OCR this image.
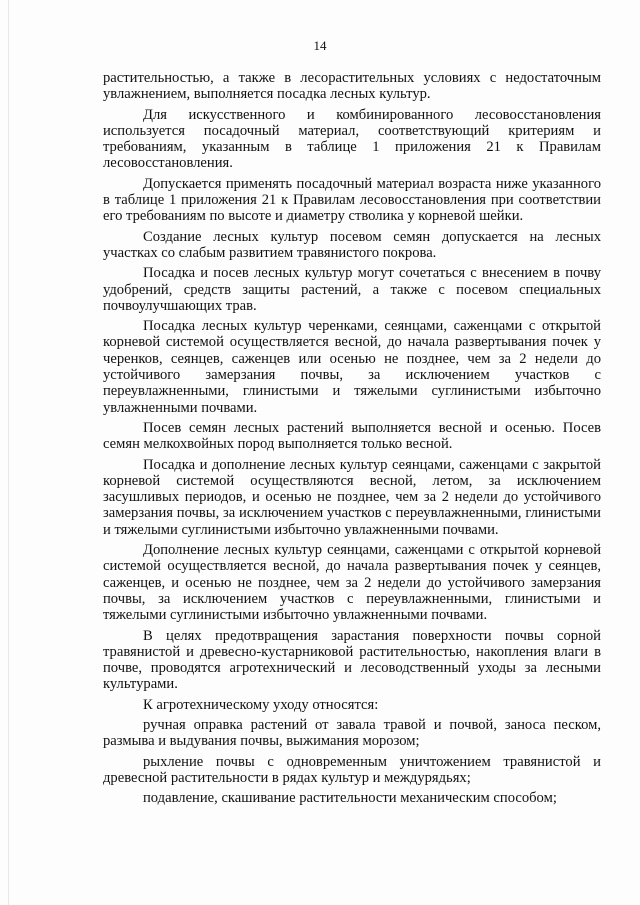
14

растительностью, а также в лесорастительных условиях с недостаточным увлажнением, выполняется посадка лесных культур.

Для искусственного и комбинированного лесовосстановления используется посадочный материал, соответствующий критериям и требованиям, указанным в таблице 1 приложения 21 к Правилам лесовосстановления.

Допускается применять посадочный материал возраста ниже указанного в таблице 1 приложения 21 к Правилам лесовосстановления при соответствии его требованиям по высоте и диаметру стволика у корневой шейки.

Создание лесных культур посевом семян допускается на лесных участках со слабым развитием травянистого покрова.

Посадка и посев лесных культур могут сочетаться с внесением в почву удобрений, средств защиты растений, а также с посевом специальных почвоулучшающих трав.

Посадка лесных культур черенками, сеянцами, саженцами с открытой корневой системой осуществляется весной, до начала развертывания почек у черенков, сеянцев, саженцев или осенью не позднее, чем за 2 недели до устойчивого замерзания почвы, за исключением участков с переувлажненными, глинистыми и тяжелыми суглинистыми избыточно увлажненными почвами.

Посев семян лесных растений выполняется весной и осенью. Посев семян мелкохвойных пород выполняется только весной.

Посадка и дополнение лесных культур сеянцами, саженцами с закрытой корневой системой осуществляются весной, летом, за исключением засушливых периодов, и осенью не позднее, чем за 2 недели до устойчивого замерзания почвы, за исключением участков с переувлажненными, глинистыми и тяжелыми суглинистыми избыточно увлажненными почвами.

Дополнение лесных культур сеянцами, саженцами с открытой корневой системой осуществляется весной, до начала развертывания почек у сеянцев, саженцев, и осенью не позднее, чем за 2 недели до устойчивого замерзания почвы, за исключением участков с переувлажненными, глинистыми и тяжелыми суглинистыми избыточно увлажненными почвами.

В целях предотвращения зарастания поверхности почвы сорной травянистой и древесно-кустарниковой растительностью, накопления влаги в почве, проводятся агротехнический и лесоводственный уходы за лесными культурами.

К агротехническому уходу относятся:

ручная оправка растений от завала травой и почвой, заноса песком, размыва и выдувания почвы, выжимания морозом;

рыхление почвы с одновременным уничтожением травянистой и древесной растительности в рядах культур и междурядьях;

подавление, скашивание растительности механическим способом;
